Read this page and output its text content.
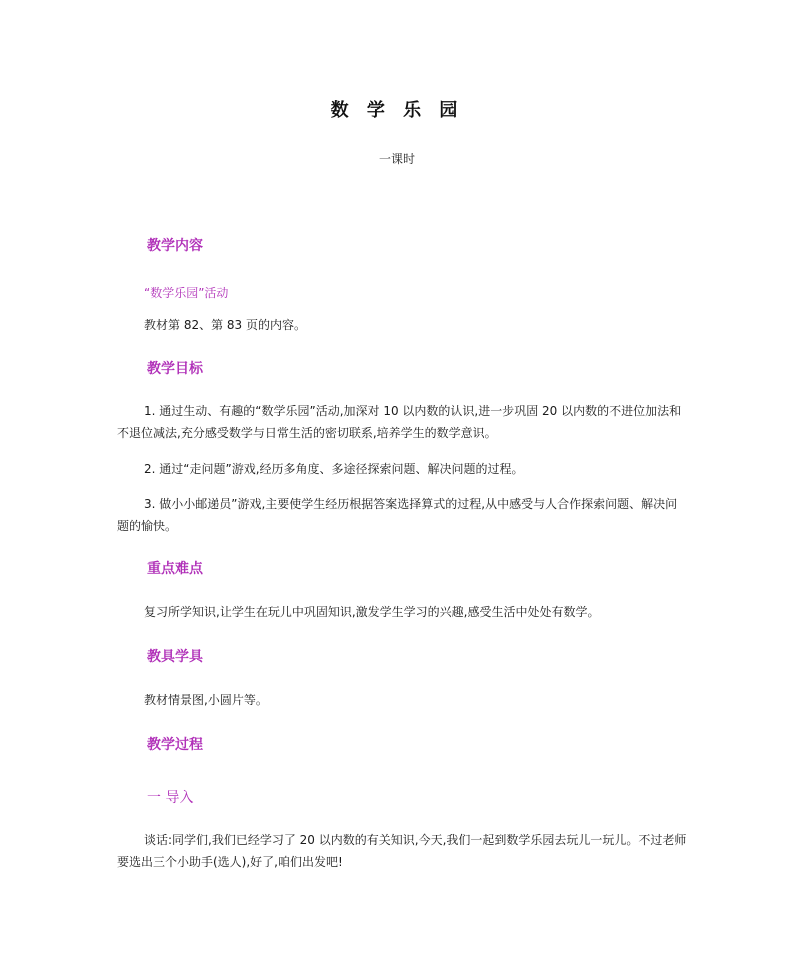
数 学 乐 园

一课时

教学内容

“数学乐园”活动

教材第 82、第 83 页的内容。

教学目标

1. 通过生动、有趣的“数学乐园”活动,加深对 10 以内数的认识,进一步巩固 20 以内数的不进位加法和不退位减法,充分感受数学与日常生活的密切联系,培养学生的数学意识。

2. 通过“走问题”游戏,经历多角度、多途径探索问题、解决问题的过程。

3. 做小小邮递员”游戏,主要使学生经历根据答案选择算式的过程,从中感受与人合作探索问题、解决问题的愉快。

重点难点

复习所学知识,让学生在玩儿中巩固知识,激发学生学习的兴趣,感受生活中处处有数学。

教具学具

教材情景图,小圆片等。

教学过程
一 导入

谈话:同学们,我们已经学习了 20 以内数的有关知识,今天,我们一起到数学乐园去玩儿一玩儿。不过老师要选出三个小助手(选人),好了,咱们出发吧!
